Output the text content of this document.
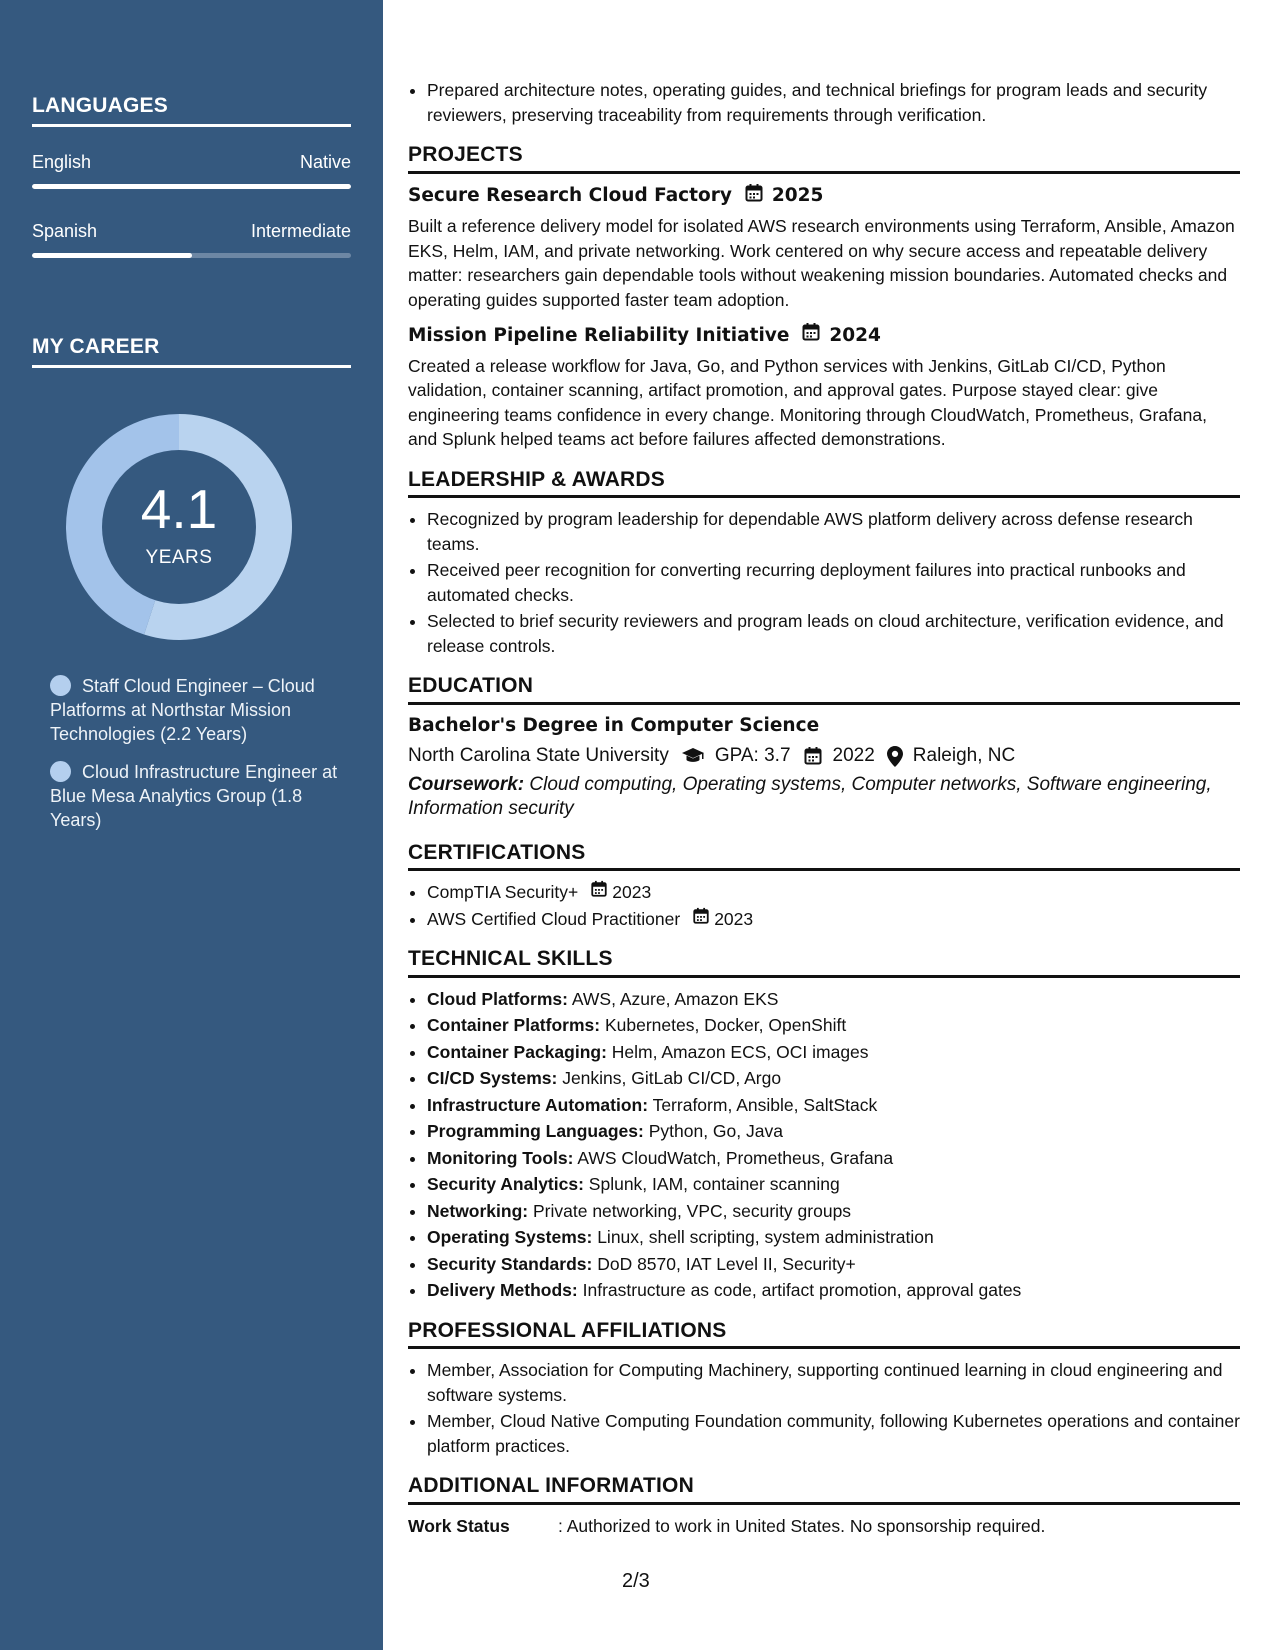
LANGUAGES
English	Native
Spanish	Intermediate
MY CAREER
4.1
YEARS
Staff Cloud Engineer – Cloud Platforms at Northstar Mission Technologies (2.2 Years)
Cloud Infrastructure Engineer at Blue Mesa Analytics Group (1.8 Years)
• Prepared architecture notes, operating guides, and technical briefings for program leads and security reviewers, preserving traceability from requirements through verification.
PROJECTS
Secure Research Cloud Factory 2025
Built a reference delivery model for isolated AWS research environments using Terraform, Ansible, Amazon EKS, Helm, IAM, and private networking. Work centered on why secure access and repeatable delivery matter: researchers gain dependable tools without weakening mission boundaries. Automated checks and operating guides supported faster team adoption.
Mission Pipeline Reliability Initiative 2024
Created a release workflow for Java, Go, and Python services with Jenkins, GitLab CI/CD, Python validation, container scanning, artifact promotion, and approval gates. Purpose stayed clear: give engineering teams confidence in every change. Monitoring through CloudWatch, Prometheus, Grafana, and Splunk helped teams act before failures affected demonstrations.
LEADERSHIP & AWARDS
• Recognized by program leadership for dependable AWS platform delivery across defense research teams.
• Received peer recognition for converting recurring deployment failures into practical runbooks and automated checks.
• Selected to brief security reviewers and program leads on cloud architecture, verification evidence, and release controls.
EDUCATION
Bachelor's Degree in Computer Science
North Carolina State University GPA: 3.7 2022 Raleigh, NC
Coursework: Cloud computing, Operating systems, Computer networks, Software engineering, Information security
CERTIFICATIONS
• CompTIA Security+ 2023
• AWS Certified Cloud Practitioner 2023
TECHNICAL SKILLS
• Cloud Platforms: AWS, Azure, Amazon EKS
• Container Platforms: Kubernetes, Docker, OpenShift
• Container Packaging: Helm, Amazon ECS, OCI images
• CI/CD Systems: Jenkins, GitLab CI/CD, Argo
• Infrastructure Automation: Terraform, Ansible, SaltStack
• Programming Languages: Python, Go, Java
• Monitoring Tools: AWS CloudWatch, Prometheus, Grafana
• Security Analytics: Splunk, IAM, container scanning
• Networking: Private networking, VPC, security groups
• Operating Systems: Linux, shell scripting, system administration
• Security Standards: DoD 8570, IAT Level II, Security+
• Delivery Methods: Infrastructure as code, artifact promotion, approval gates
PROFESSIONAL AFFILIATIONS
• Member, Association for Computing Machinery, supporting continued learning in cloud engineering and software systems.
• Member, Cloud Native Computing Foundation community, following Kubernetes operations and container platform practices.
ADDITIONAL INFORMATION
Work Status	: Authorized to work in United States. No sponsorship required.
2/3
